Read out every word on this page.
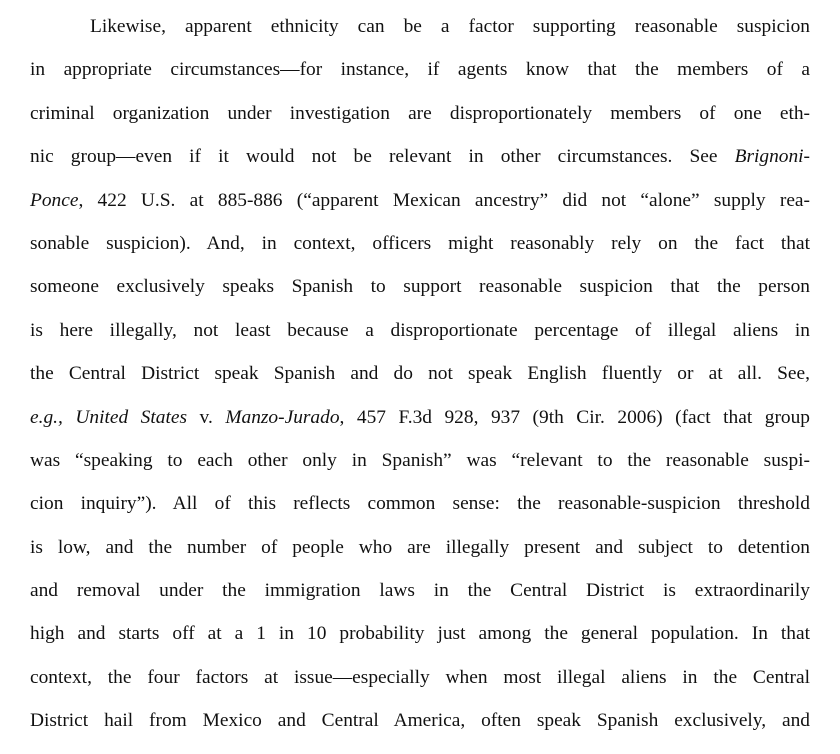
Likewise, apparent ethnicity can be a factor supporting reasonable suspicion
in appropriate circumstances—for instance, if agents know that the members of a
criminal organization under investigation are disproportionately members of one eth-
nic group—even if it would not be relevant in other circumstances. See Brignoni-
Ponce, 422 U.S. at 885-886 (“apparent Mexican ancestry” did not “alone” supply rea-
sonable suspicion). And, in context, officers might reasonably rely on the fact that
someone exclusively speaks Spanish to support reasonable suspicion that the person
is here illegally, not least because a disproportionate percentage of illegal aliens in
the Central District speak Spanish and do not speak English fluently or at all. See,
e.g., United States v. Manzo-Jurado, 457 F.3d 928, 937 (9th Cir. 2006) (fact that group
was “speaking to each other only in Spanish” was “relevant to the reasonable suspi-
cion inquiry”). All of this reflects common sense: the reasonable-suspicion threshold
is low, and the number of people who are illegally present and subject to detention
and removal under the immigration laws in the Central District is extraordinarily
high and starts off at a 1 in 10 probability just among the general population. In that
context, the four factors at issue—especially when most illegal aliens in the Central
District hail from Mexico and Central America, often speak Spanish exclusively, and
